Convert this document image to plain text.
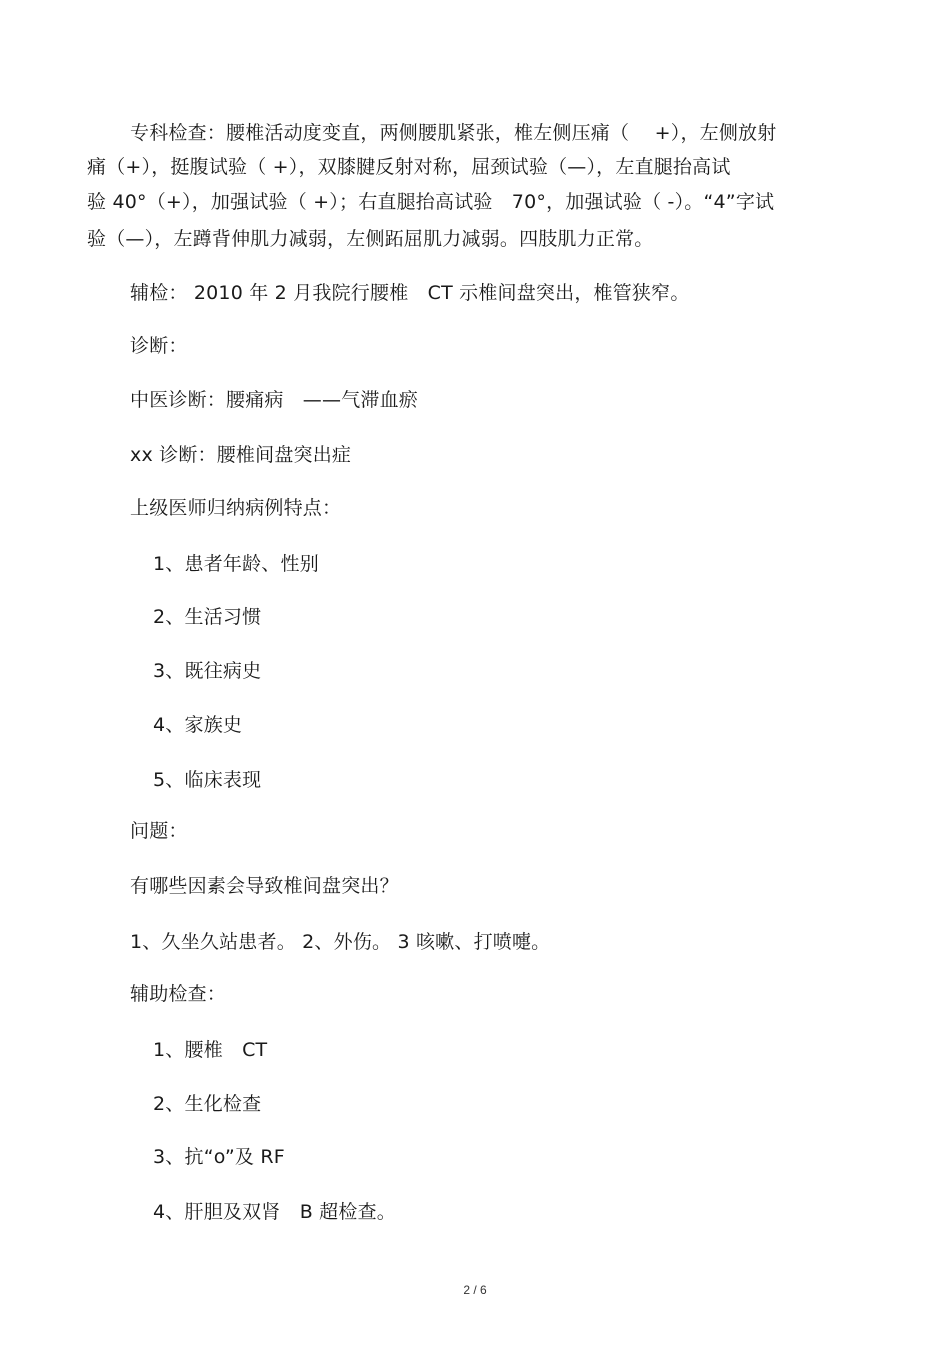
专科检查：腰椎活动度变直，两侧腰肌紧张，椎左侧压痛（　 +），左侧放射
痛（+），挺腹试验（ +），双膝腱反射对称，屈颈试验（—），左直腿抬高试
验 40°（+），加强试验（ +）；右直腿抬高试验　70°，加强试验（ -）。“4”字试
验（—），左蹲背伸肌力减弱，左侧跖屈肌力减弱。四肢肌力正常。
辅检： 2010 年 2 月我院行腰椎　CT 示椎间盘突出，椎管狭窄。
诊断：
中医诊断：腰痛病　——气滞血瘀
xx 诊断：腰椎间盘突出症
上级医师归纳病例特点：
1、患者年龄、性别
2、生活习惯
3、既往病史
4、家族史
5、临床表现
问题：
有哪些因素会导致椎间盘突出？
1、久坐久站患者。 2、外伤。 3 咳嗽、打喷嚏。
辅助检查：
1、腰椎　CT
2、生化检查
3、抗“o”及 RF
4、肝胆及双肾　B 超检查。
2 / 6
